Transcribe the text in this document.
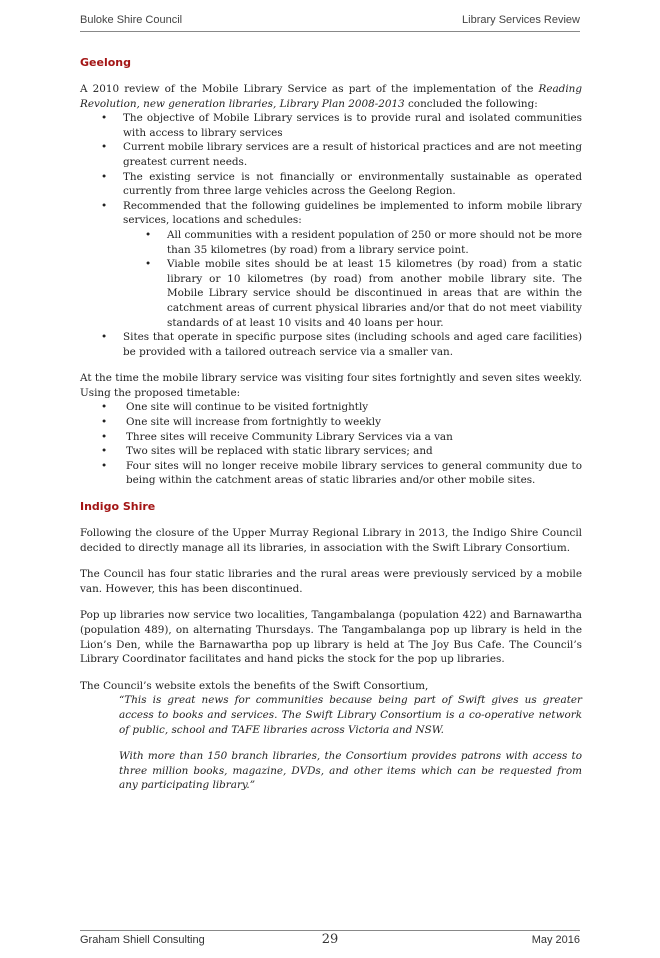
Buloke Shire Council	Library Services Review
Geelong

A 2010 review of the Mobile Library Service as part of the implementation of the Reading Revolution, new generation libraries, Library Plan 2008-2013 concluded the following:

• The objective of Mobile Library services is to provide rural and isolated communities with access to library services
• Current mobile library services are a result of historical practices and are not meeting greatest current needs.
• The existing service is not financially or environmentally sustainable as operated currently from three large vehicles across the Geelong Region.
• Recommended that the following guidelines be implemented to inform mobile library services, locations and schedules:
• All communities with a resident population of 250 or more should not be more than 35 kilometres (by road) from a library service point.
• Viable mobile sites should be at least 15 kilometres (by road) from a static library or 10 kilometres (by road) from another mobile library site. The Mobile Library service should be discontinued in areas that are within the catchment areas of current physical libraries and/or that do not meet viability standards of at least 10 visits and 40 loans per hour.
• Sites that operate in specific purpose sites (including schools and aged care facilities) be provided with a tailored outreach service via a smaller van.

At the time the mobile library service was visiting four sites fortnightly and seven sites weekly. Using the proposed timetable:

• One site will continue to be visited fortnightly
• One site will increase from fortnightly to weekly
• Three sites will receive Community Library Services via a van
• Two sites will be replaced with static library services; and
• Four sites will no longer receive mobile library services to general community due to being within the catchment areas of static libraries and/or other mobile sites.
Indigo Shire

Following the closure of the Upper Murray Regional Library in 2013, the Indigo Shire Council decided to directly manage all its libraries, in association with the Swift Library Consortium.

The Council has four static libraries and the rural areas were previously serviced by a mobile van. However, this has been discontinued.

Pop up libraries now service two localities, Tangambalanga (population 422) and Barnawartha (population 489), on alternating Thursdays. The Tangambalanga pop up library is held in the Lion’s Den, while the Barnawartha pop up library is held at The Joy Bus Cafe. The Council’s Library Coordinator facilitates and hand picks the stock for the pop up libraries.

The Council’s website extols the benefits of the Swift Consortium,

“This is great news for communities because being part of Swift gives us greater access to books and services. The Swift Library Consortium is a co-operative network of public, school and TAFE libraries across Victoria and NSW.

With more than 150 branch libraries, the Consortium provides patrons with access to three million books, magazine, DVDs, and other items which can be requested from any participating library.”

Graham Shiell Consulting	29	May 2016
